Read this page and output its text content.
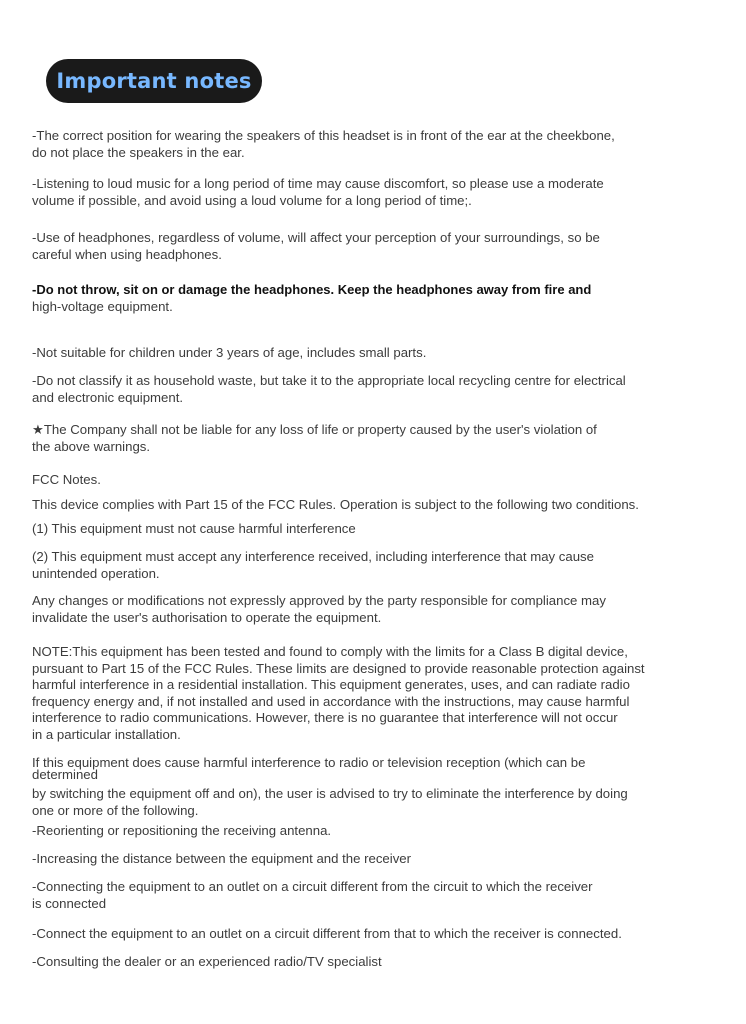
Important notes
-The correct position for wearing the speakers of this headset is in front of the ear at the cheekbone,
do not place the speakers in the ear.
-Listening to loud music for a long period of time may cause discomfort, so please use a moderate
volume if possible, and avoid using a loud volume for a long period of time;.
-Use of headphones, regardless of volume, will affect your perception of your surroundings, so be
careful when using headphones.
-Do not throw, sit on or damage the headphones. Keep the headphones away from fire and
high-voltage equipment.
-Not suitable for children under 3 years of age, includes small parts.
-Do not classify it as household waste, but take it to the appropriate local recycling centre for electrical
and electronic equipment.
★The Company shall not be liable for any loss of life or property caused by the user's violation of
the above warnings.
FCC Notes.
This device complies with Part 15 of the FCC Rules. Operation is subject to the following two conditions.
(1) This equipment must not cause harmful interference
(2) This equipment must accept any interference received, including interference that may cause
unintended operation.
Any changes or modifications not expressly approved by the party responsible for compliance may
invalidate the user's authorisation to operate the equipment.
NOTE:This equipment has been tested and found to comply with the limits for a Class B digital device,
pursuant to Part 15 of the FCC Rules. These limits are designed to provide reasonable protection against
harmful interference in a residential installation. This equipment generates, uses, and can radiate radio
frequency energy and, if not installed and used in accordance with the instructions, may cause harmful
interference to radio communications. However, there is no guarantee that interference will not occur
in a particular installation.
If this equipment does cause harmful interference to radio or television reception (which can be
determined
by switching the equipment off and on), the user is advised to try to eliminate the interference by doing
one or more of the following.
-Reorienting or repositioning the receiving antenna.
-Increasing the distance between the equipment and the receiver
-Connecting the equipment to an outlet on a circuit different from the circuit to which the receiver
is connected
-Connect the equipment to an outlet on a circuit different from that to which the receiver is connected.
-Consulting the dealer or an experienced radio/TV specialist
